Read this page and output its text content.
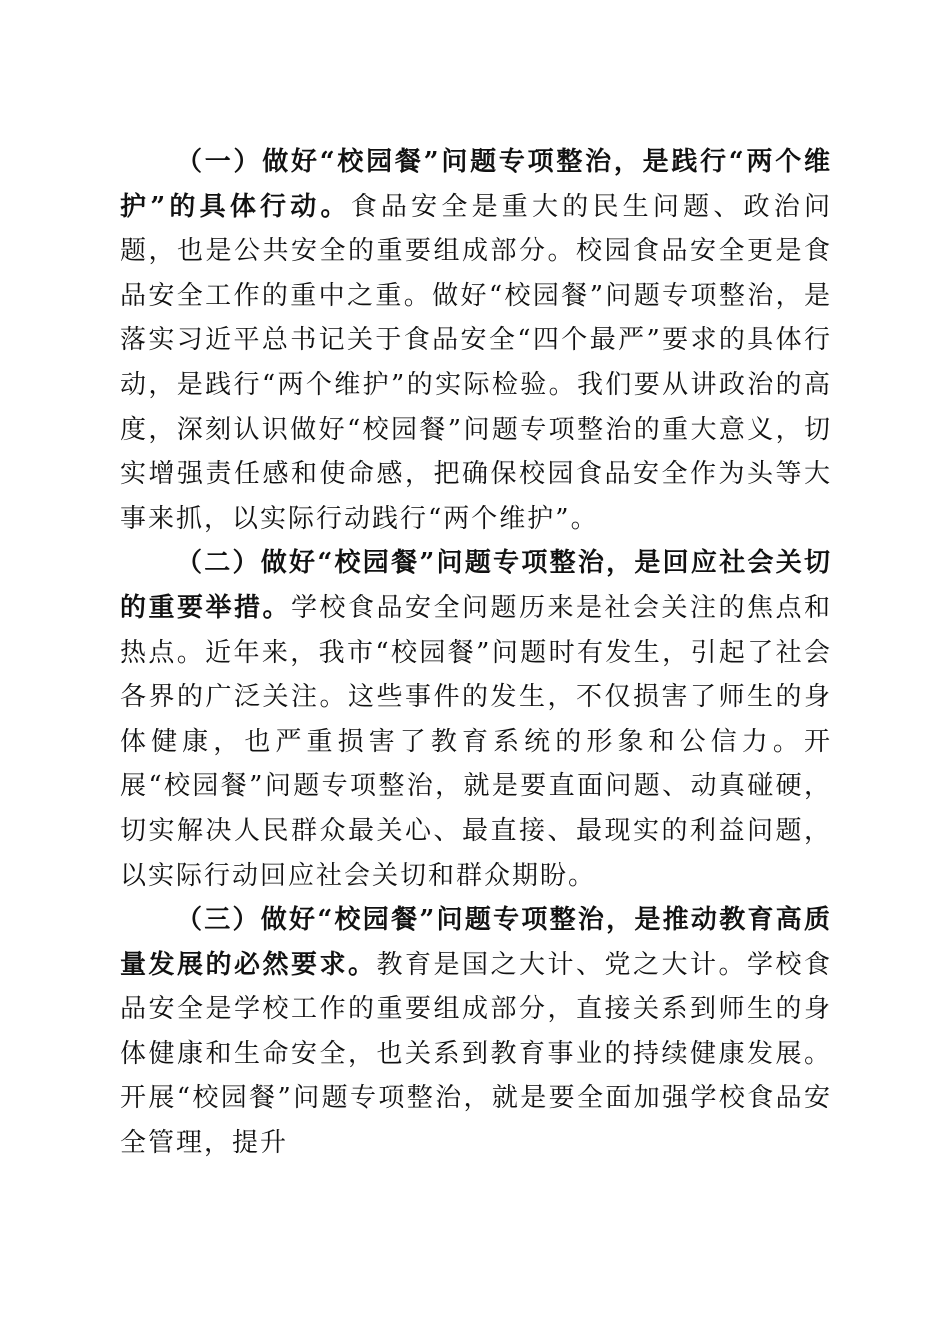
（一）做好“校园餐”问题专项整治，是践行“两个维护”的具体行动。食品安全是重大的民生问题、政治问题，也是公共安全的重要组成部分。校园食品安全更是食品安全工作的重中之重。做好“校园餐”问题专项整治，是落实习近平总书记关于食品安全“四个最严”要求的具体行动，是践行“两个维护”的实际检验。我们要从讲政治的高度，深刻认识做好“校园餐”问题专项整治的重大意义，切实增强责任感和使命感，把确保校园食品安全作为头等大事来抓，以实际行动践行“两个维护”。

（二）做好“校园餐”问题专项整治，是回应社会关切的重要举措。学校食品安全问题历来是社会关注的焦点和热点。近年来，我市“校园餐”问题时有发生，引起了社会各界的广泛关注。这些事件的发生，不仅损害了师生的身体健康，也严重损害了教育系统的形象和公信力。开展“校园餐”问题专项整治，就是要直面问题、动真碰硬，切实解决人民群众最关心、最直接、最现实的利益问题，以实际行动回应社会关切和群众期盼。

（三）做好“校园餐”问题专项整治，是推动教育高质量发展的必然要求。教育是国之大计、党之大计。学校食品安全是学校工作的重要组成部分，直接关系到师生的身体健康和生命安全，也关系到教育事业的持续健康发展。开展“校园餐”问题专项整治，就是要全面加强学校食品安全管理，提升
